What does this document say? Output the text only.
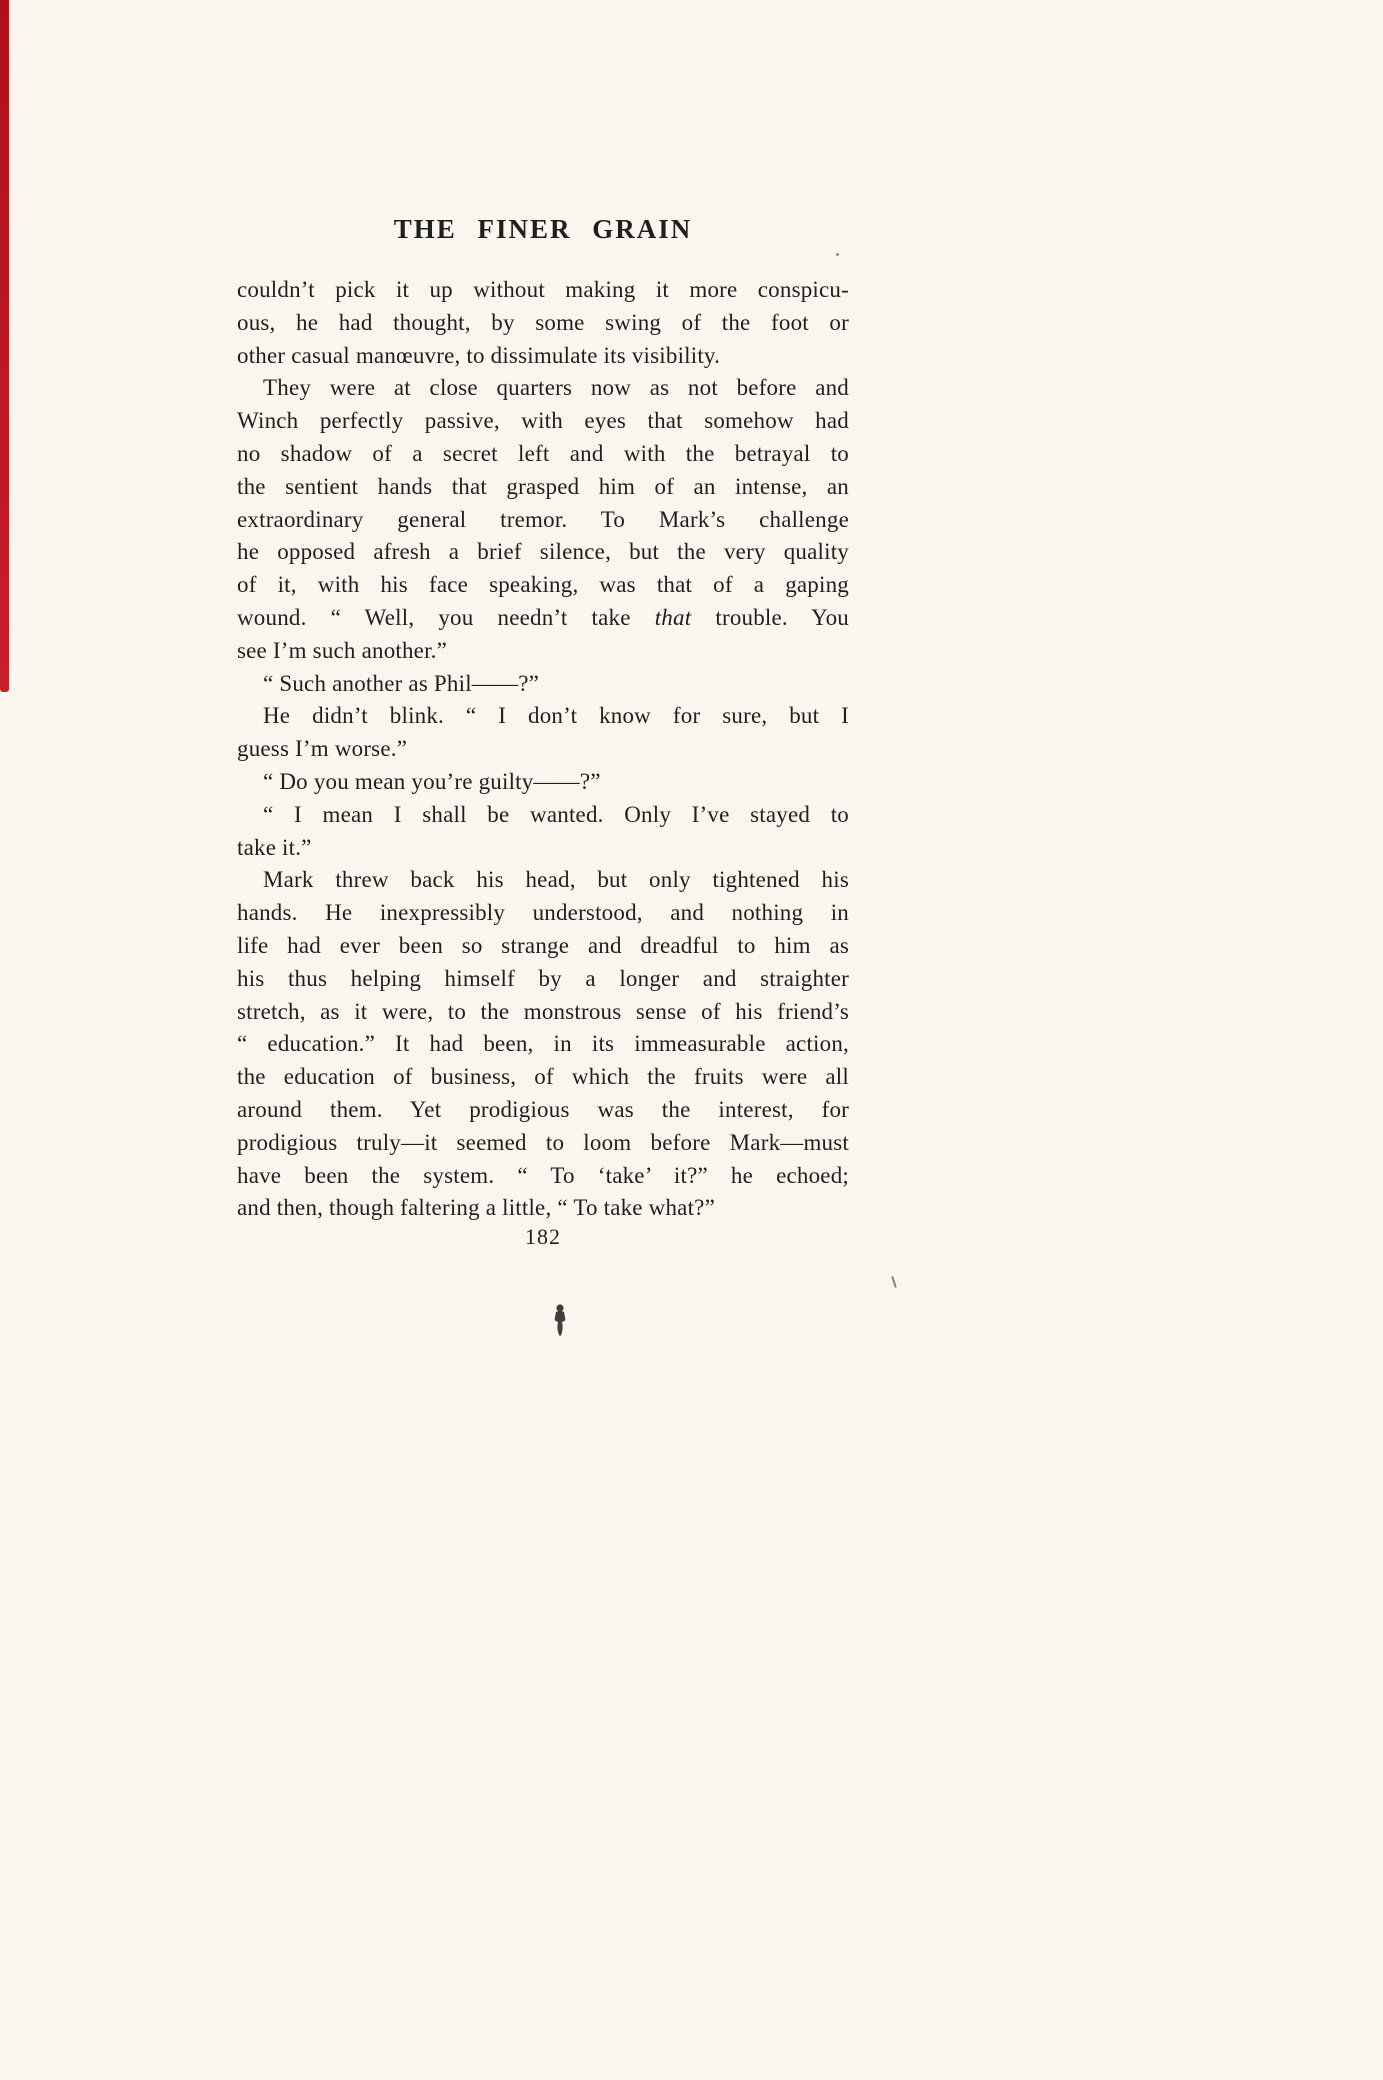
THE FINER GRAIN
couldn’t pick it up without making it more conspicu-
ous, he had thought, by some swing of the foot or
other casual manœuvre, to dissimulate its visibility.
They were at close quarters now as not before and
Winch perfectly passive, with eyes that somehow had
no shadow of a secret left and with the betrayal to
the sentient hands that grasped him of an intense, an
extraordinary general tremor. To Mark’s challenge
he opposed afresh a brief silence, but the very quality
of it, with his face speaking, was that of a gaping
wound. “ Well, you needn’t take that trouble. You
see I’m such another.”
“ Such another as Phil——?”
He didn’t blink. “ I don’t know for sure, but I
guess I’m worse.”
“ Do you mean you’re guilty——?”
“ I mean I shall be wanted. Only I’ve stayed to
take it.”
Mark threw back his head, but only tightened his
hands. He inexpressibly understood, and nothing in
life had ever been so strange and dreadful to him as
his thus helping himself by a longer and straighter
stretch, as it were, to the monstrous sense of his friend’s
“ education.” It had been, in its immeasurable action,
the education of business, of which the fruits were all
around them. Yet prodigious was the interest, for
prodigious truly—it seemed to loom before Mark—must
have been the system. “ To ‘take’ it?” he echoed;
and then, though faltering a little, “ To take what?”
182
